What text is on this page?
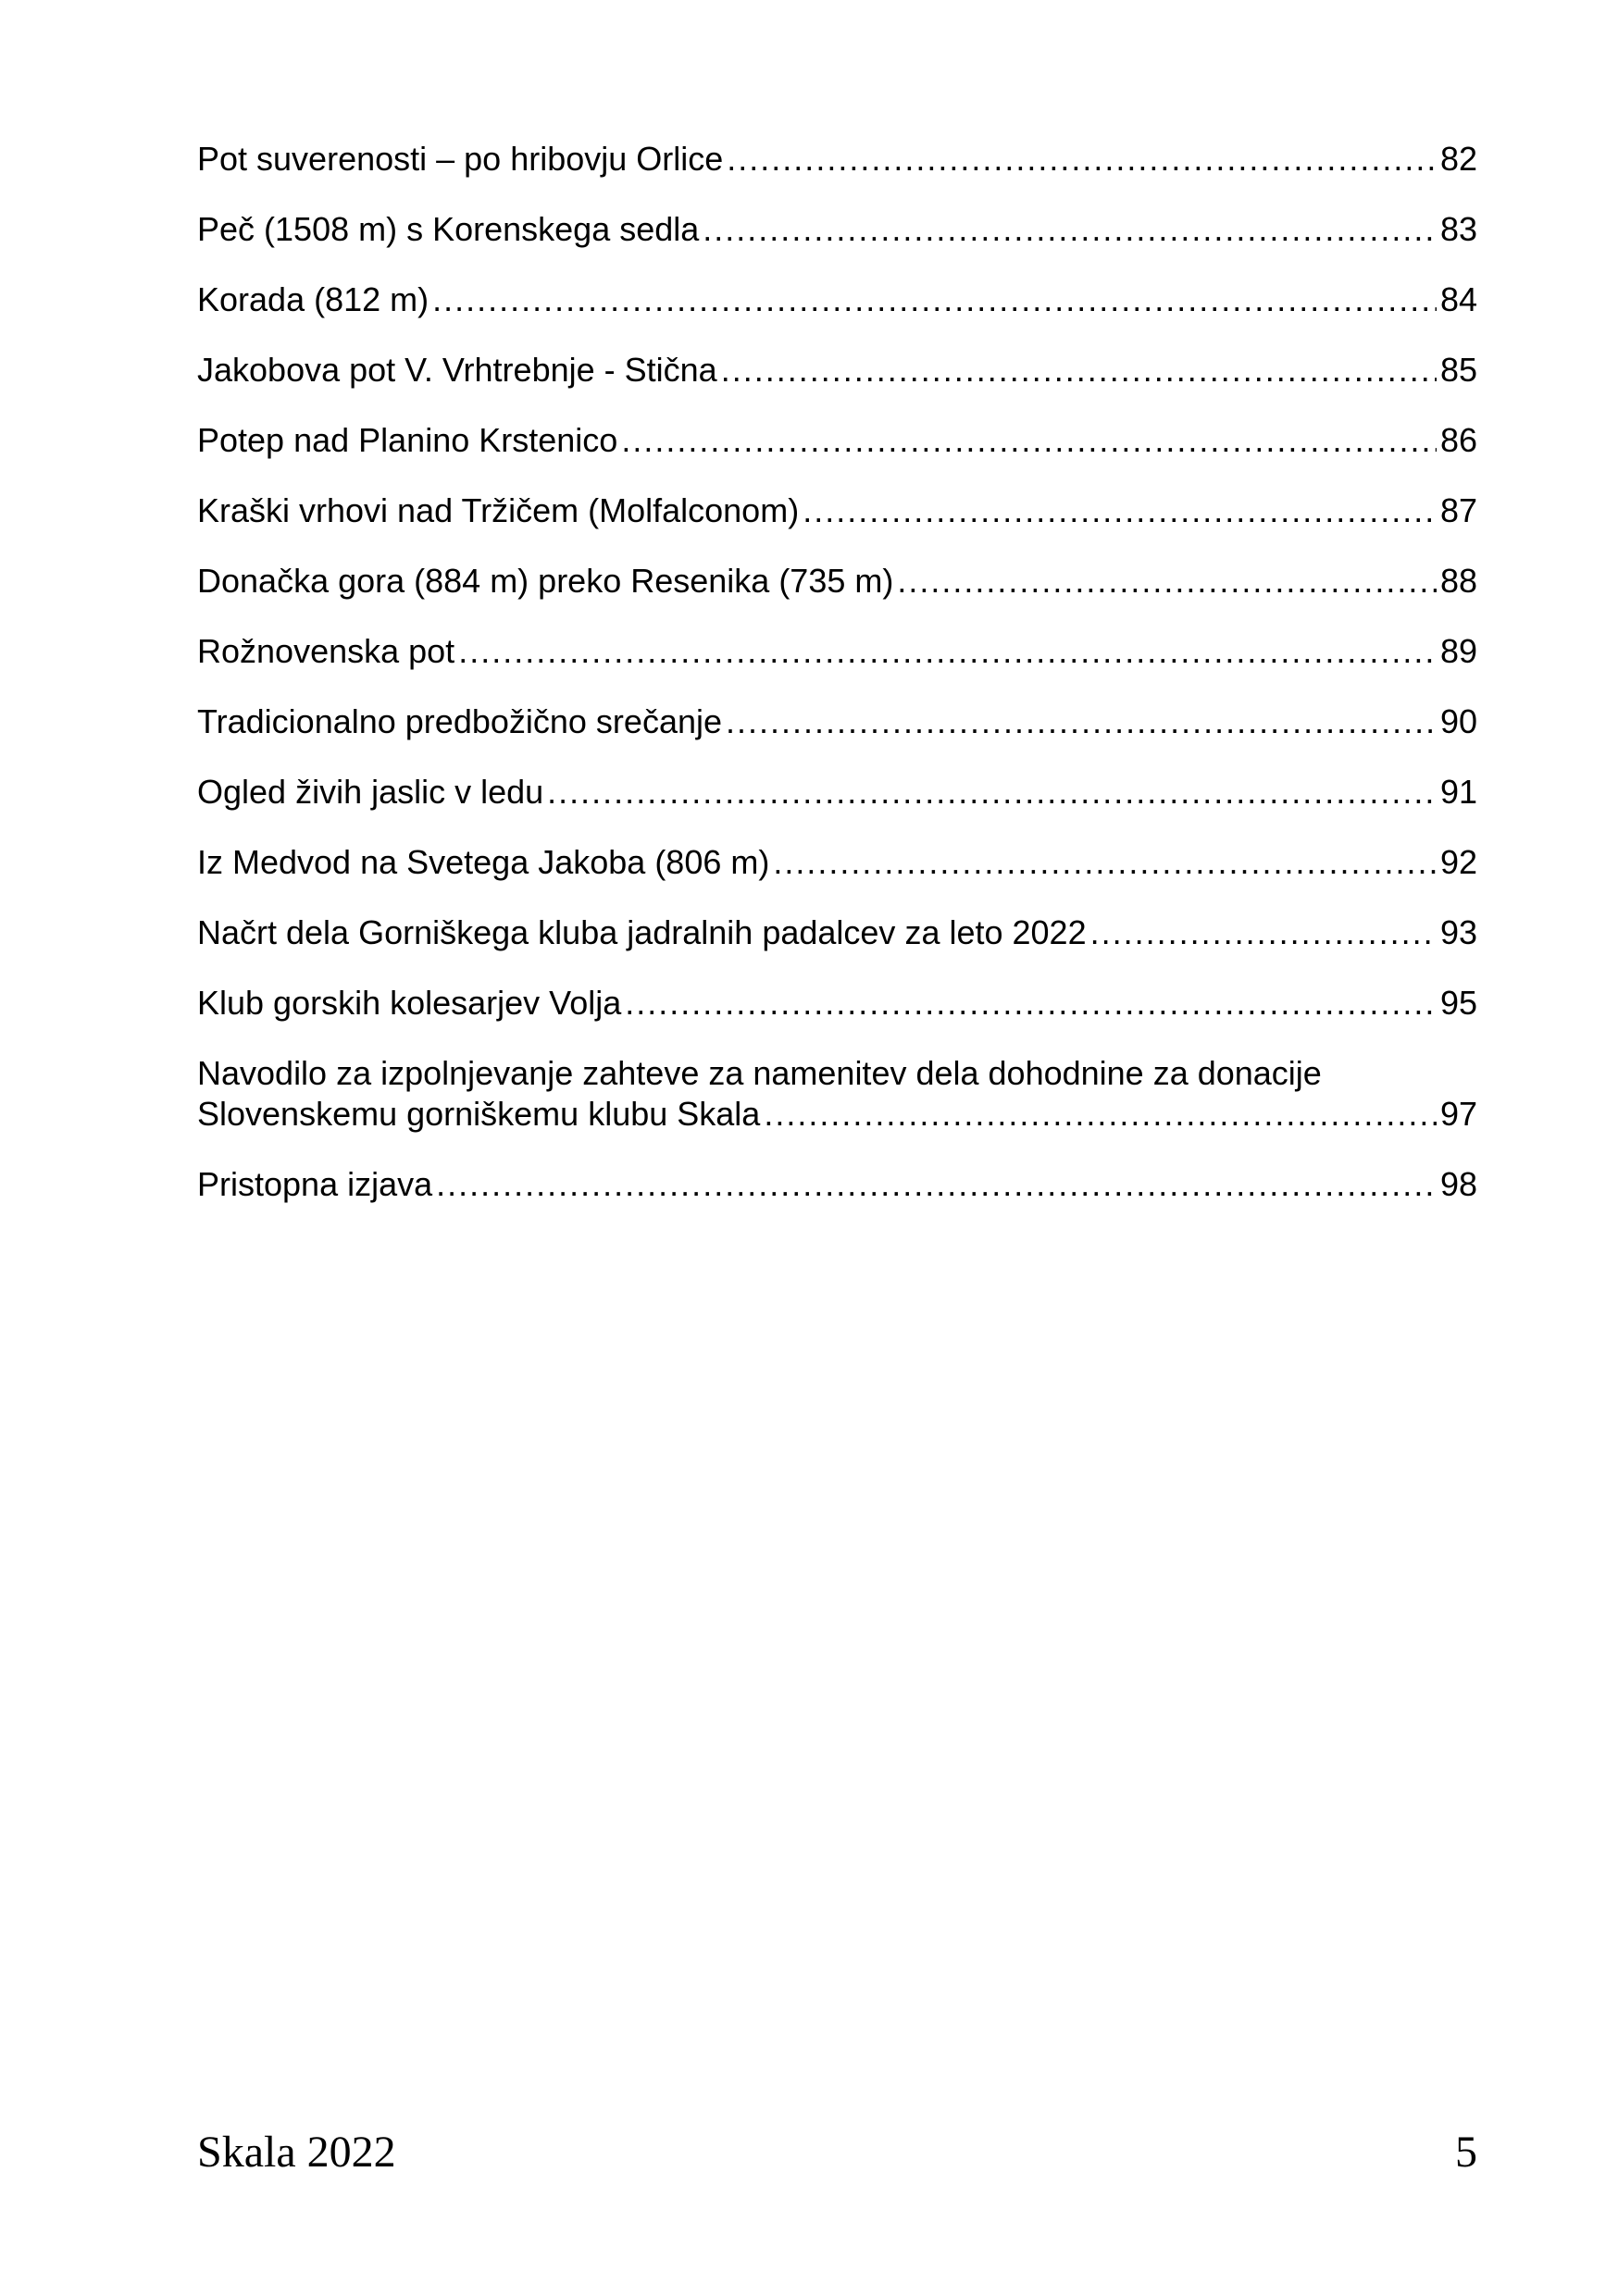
Pot suverenosti – po hribovju Orlice .....	82
Peč (1508 m) s Korenskega sedla .....	83
Korada (812 m) .....	84
Jakobova pot V. Vrhtrebnje - Stična .....	85
Potep nad Planino Krstenico .....	86
Kraški vrhovi nad Tržičem (Molfalconom) .....	87
Donačka gora (884 m) preko Resenika (735 m) .....	88
Rožnovenska pot .....	89
Tradicionalno predbožično srečanje .....	90
Ogled živih jaslic v ledu .....	91
Iz Medvod na Svetega Jakoba (806 m) .....	92
Načrt dela Gorniškega kluba jadralnih padalcev za leto 2022 .....	93
Klub gorskih kolesarjev Volja .....	95
Navodilo za izpolnjevanje zahteve za namenitev dela dohodnine za donacije
Slovenskemu gorniškemu klubu Skala .....	97
Pristopna izjava .....	98
Skala 2022	5
